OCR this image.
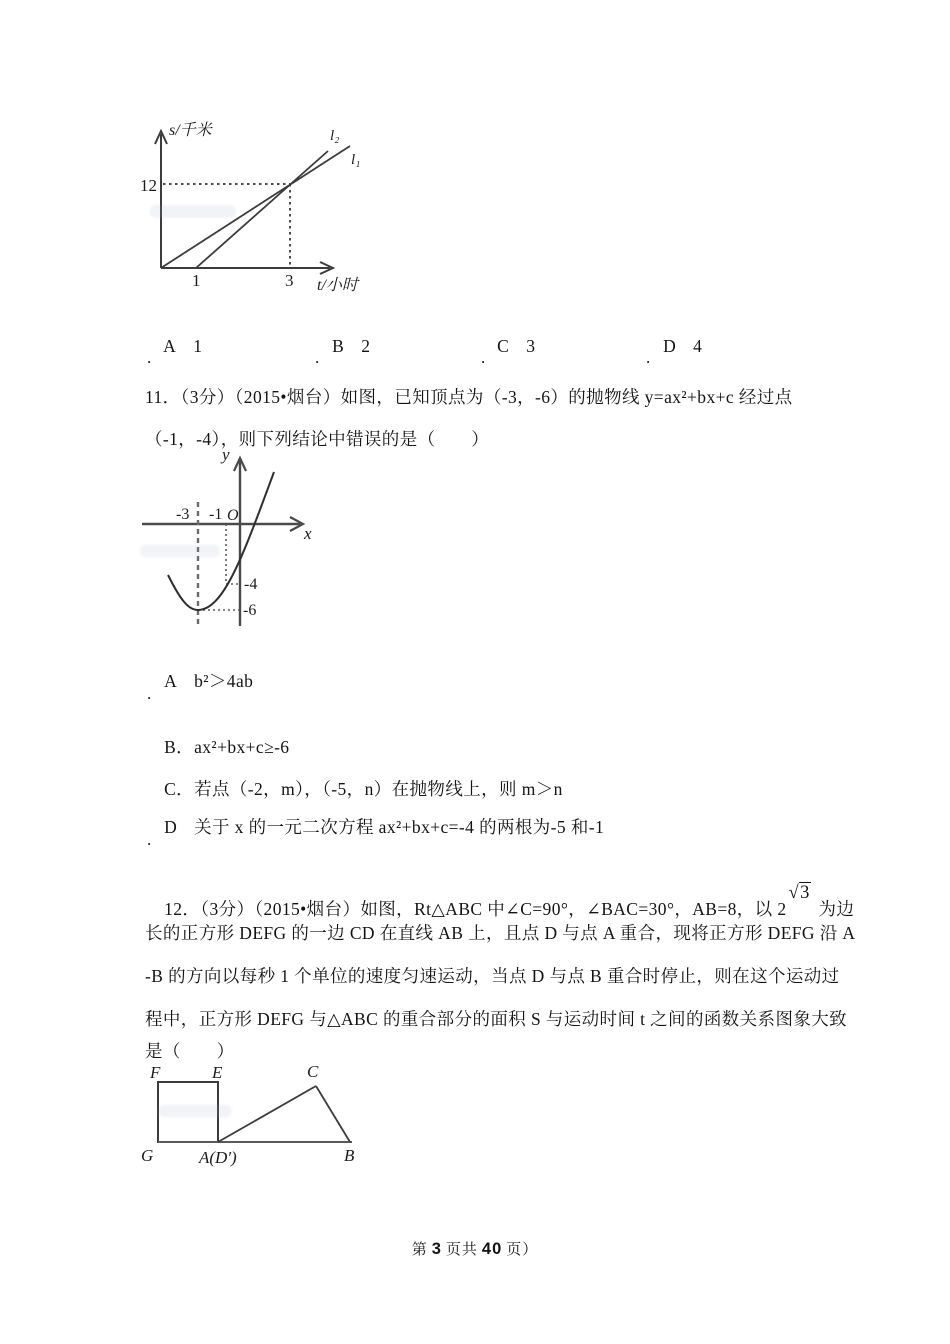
s/千米
t/小时
12
1	3
l₂
l₁

A 1
	B 2
	C 3
	D 4

.	.	.	.
11．（3分）（2015•烟台）如图，已知顶点为（-3，-6）的抛物线 y=ax²+bx+c 经过点
（-1，-4），则下列结论中错误的是（　　）
y
x
O
-3 -1
-4
-6

A b²＞4ab

.

B．ax²+bx+c≥-6

C．若点（-2，m），（-5，n）在抛物线上，则 m＞n

D 关于 x 的一元二次方程 ax²+bx+c=-4 的两根为-5 和-1

.

12．（3分）（2015•烟台）如图，Rt△ABC 中∠C=90°，∠BAC=30°，AB=8，以 2√3 为边

长的正方形 DEFG 的一边 CD 在直线 AB 上，且点 D 与点 A 重合，现将正方形 DEFG 沿 A
-B 的方向以每秒 1 个单位的速度匀速运动，当点 D 与点 B 重合时停止，则在这个运动过
程中，正方形 DEFG 与△ABC 的重合部分的面积 S 与运动时间 t 之间的函数关系图象大致
是（　　）
F	E	C
G	A(D′)	B
第 3 页共 40 页）
